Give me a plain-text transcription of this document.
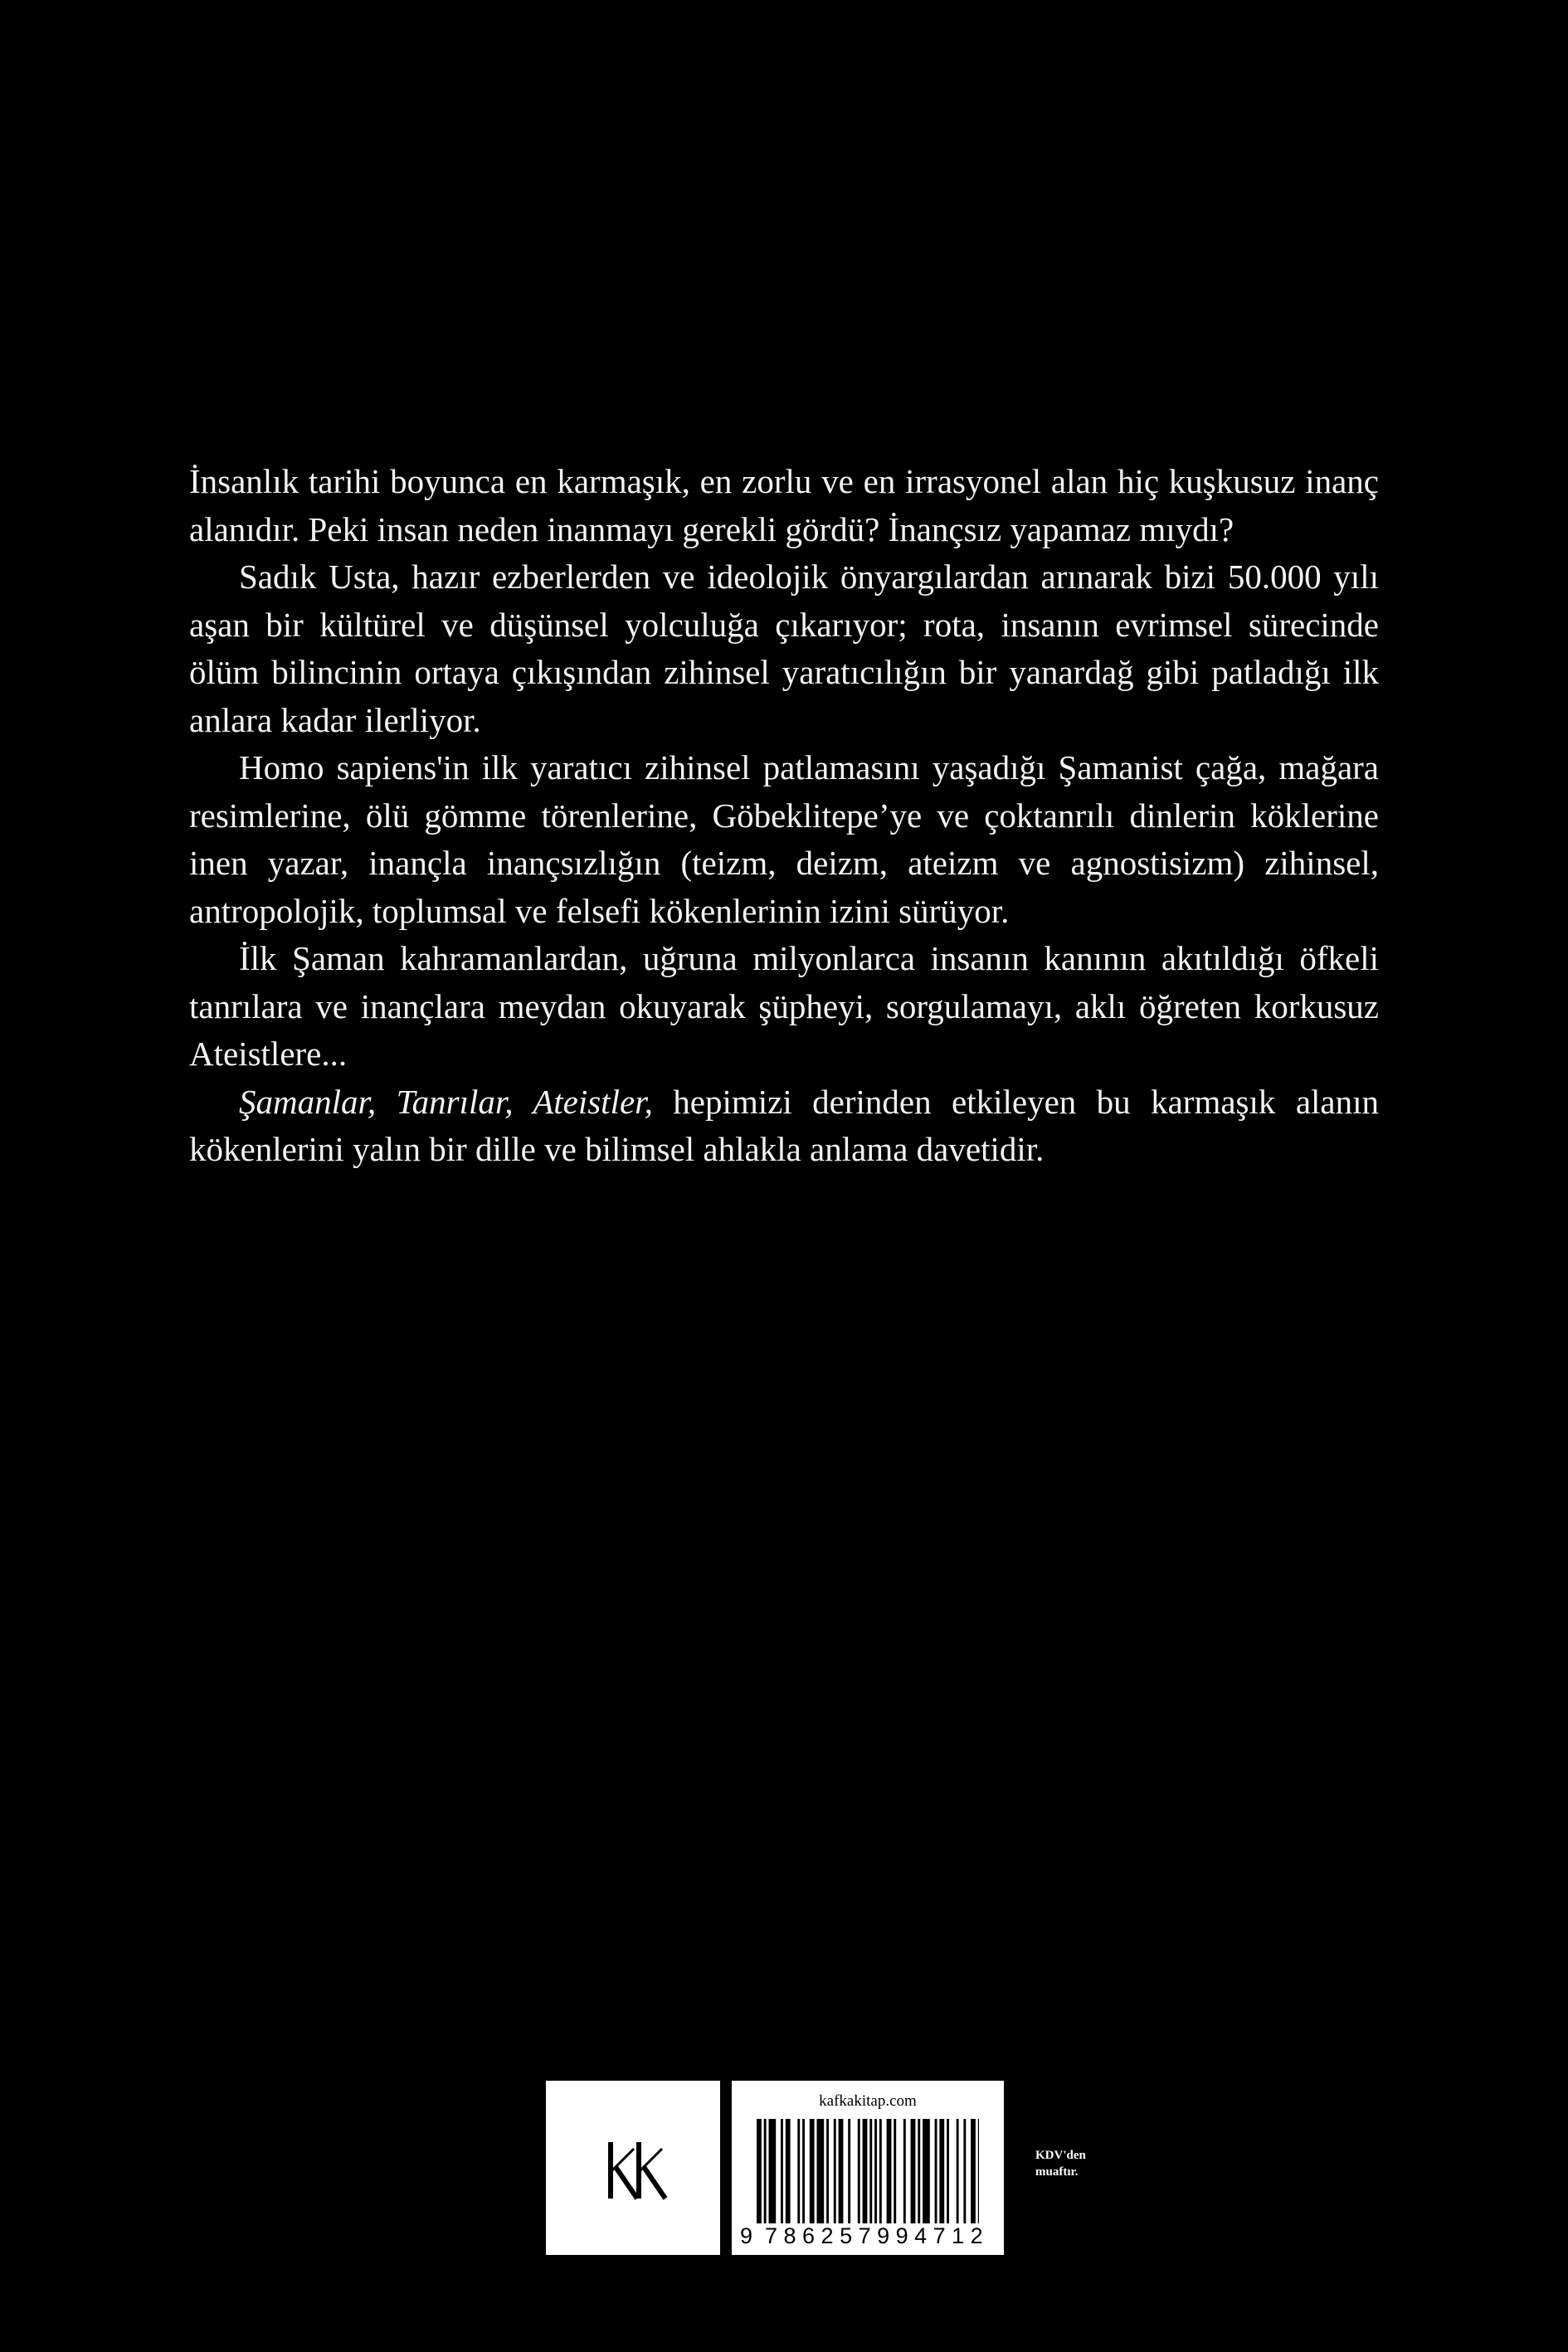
İnsanlık tarihi boyunca en karmaşık, en zorlu ve en irrasyonel alan hiç kuşkusuz inanç alanıdır. Peki insan neden inanmayı gerekli gördü? İnançsız yapamaz mıydı?

Sadık Usta, hazır ezberlerden ve ideolojik önyargılardan arınarak bizi 50.000 yılı aşan bir kültürel ve düşünsel yolculuğa çıkarıyor; rota, insanın evrimsel sürecinde ölüm bilincinin ortaya çıkışından zihinsel yaratıcılığın bir yanardağ gibi patladığı ilk anlara kadar ilerliyor.

Homo sapiens'in ilk yaratıcı zihinsel patlamasını yaşadığı Şamanist çağa, mağara resimlerine, ölü gömme törenlerine, Göbeklitepe’ye ve çoktanrılı dinlerin köklerine inen yazar, inançla inançsızlığın (teizm, deizm, ateizm ve agnostisizm) zihinsel, antropolojik, toplumsal ve felsefi kökenlerinin izini sürüyor.

İlk Şaman kahramanlardan, uğruna milyonlarca insanın kanının akıtıldığı öfkeli tanrılara ve inançlara meydan okuyarak şüpheyi, sorgulamayı, aklı öğreten korkusuz Ateistlere...

Şamanlar, Tanrılar, Ateistler, hepimizi derinden etkileyen bu karmaşık alanın kökenlerini yalın bir dille ve bilimsel ahlakla anlama davetidir.

kafkakitap.com
9 786257994712
KDV'den
muaftır.
